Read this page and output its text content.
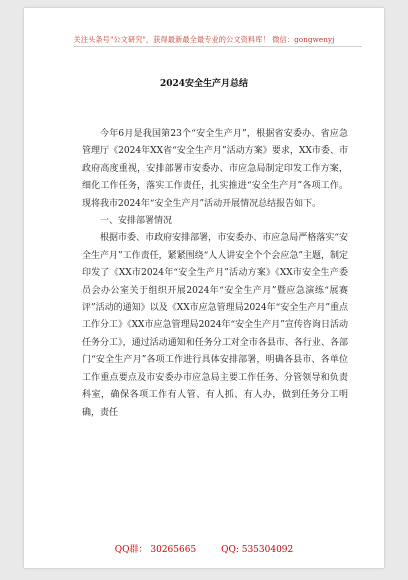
关注头条号"公文研究"，获得最新最全最专业的公文资料库！ 微信：gongwenyj
2024安全生产月总结

今年6月是我国第23个“安全生产月”，根据省安委办、省应急管理厅《2024年XX省“安全生产月”活动方案》要求，XX市委、市政府高度重视，安排部署市安委办、市应急局制定印发工作方案，细化工作任务，落实工作责任，扎实推进“安全生产月”各项工作。现将我市2024年“安全生产月”活动开展情况总结报告如下。

一、安排部署情况

根据市委、市政府安排部署，市安委办、市应急局严格落实“安全生产月”工作责任，紧紧围绕“人人讲安全个个会应急”主题，制定印发了《XX市2024年“安全生产月”活动方案》《XX市安全生产委员会办公室关于组织开展2024年“安全生产月”暨应急演练“展赛评”活动的通知》以及《XX市应急管理局2024年“安全生产月”重点工作分工》《XX市应急管理局2024年“安全生产月”宣传咨询日活动任务分工》，通过活动通知和任务分工对全市各县市、各行业、各部门“安全生产月”各项工作进行具体安排部署，明确各县市、各单位工作重点要点及市安委办市应急局主要工作任务、分管领导和负责科室，确保各项工作有人管、有人抓、有人办，做到任务分工明确，责任

QQ群： 30265665	QQ: 535304092
